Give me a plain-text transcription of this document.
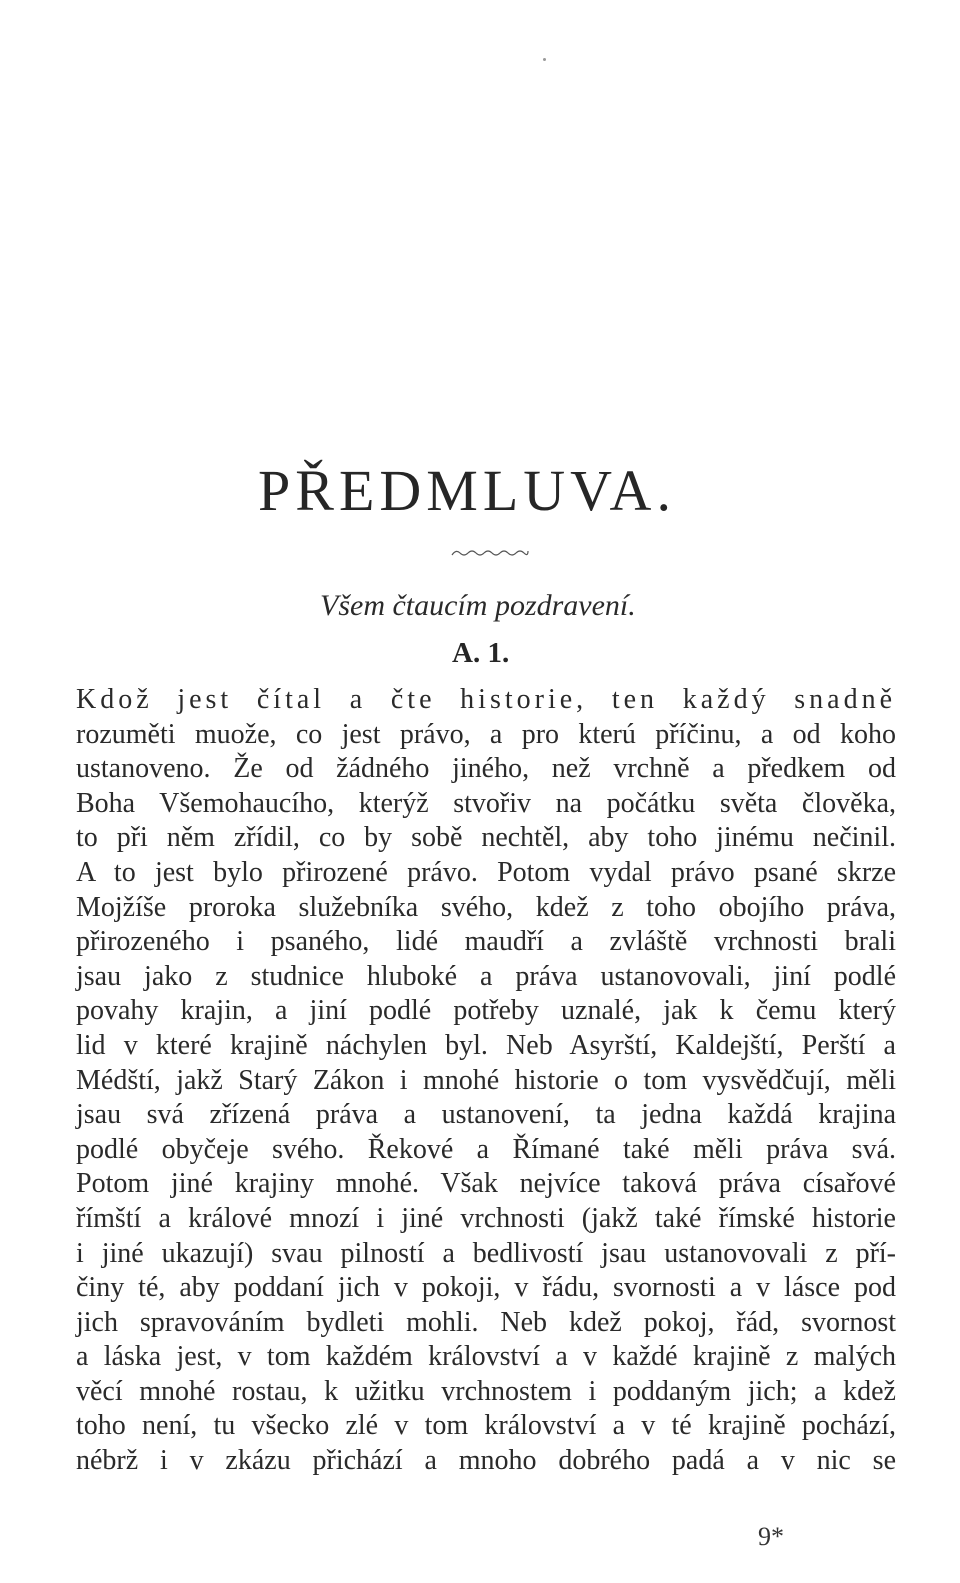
PŘEDMLUVA.
Všem čtaucím pozdravení.
A. 1.
Kdož jest čítal a čte historie, ten každý snadně
rozuměti muože, co jest právo, a pro kterú příčinu, a od koho
ustanoveno. Že od žádného jiného, než vrchně a předkem od
Boha Všemohaucího, kterýž stvořiv na počátku světa člověka,
to při něm zřídil, co by sobě nechtěl, aby toho jinému nečinil.
A to jest bylo přirozené právo. Potom vydal právo psané skrze
Mojžíše proroka služebníka svého, kdež z toho obojího práva,
přirozeného i psaného, lidé maudří a zvláště vrchnosti brali
jsau jako z studnice hluboké a práva ustanovovali, jiní podlé
povahy krajin, a jiní podlé potřeby uznalé, jak k čemu který
lid v které krajině náchylen byl. Neb Asyrští, Kaldejští, Perští a
Médští, jakž Starý Zákon i mnohé historie o tom vysvědčují, měli
jsau svá zřízená práva a ustanovení, ta jedna každá krajina
podlé obyčeje svého. Řekové a Římané také měli práva svá.
Potom jiné krajiny mnohé. Však nejvíce taková práva císařové
římští a králové mnozí i jiné vrchnosti (jakž také římské historie
i jiné ukazují) svau pilností a bedlivostí jsau ustanovovali z pří-
činy té, aby poddaní jich v pokoji, v řádu, svornosti a v lásce pod
jich spravováním bydleti mohli. Neb kdež pokoj, řád, svornost
a láska jest, v tom každém království a v každé krajině z malých
věcí mnohé rostau, k užitku vrchnostem i poddaným jich; a kdež
toho není, tu všecko zlé v tom království a v té krajině pochází,
nébrž i v zkázu přichází a mnoho dobrého padá a v nic se
9*
